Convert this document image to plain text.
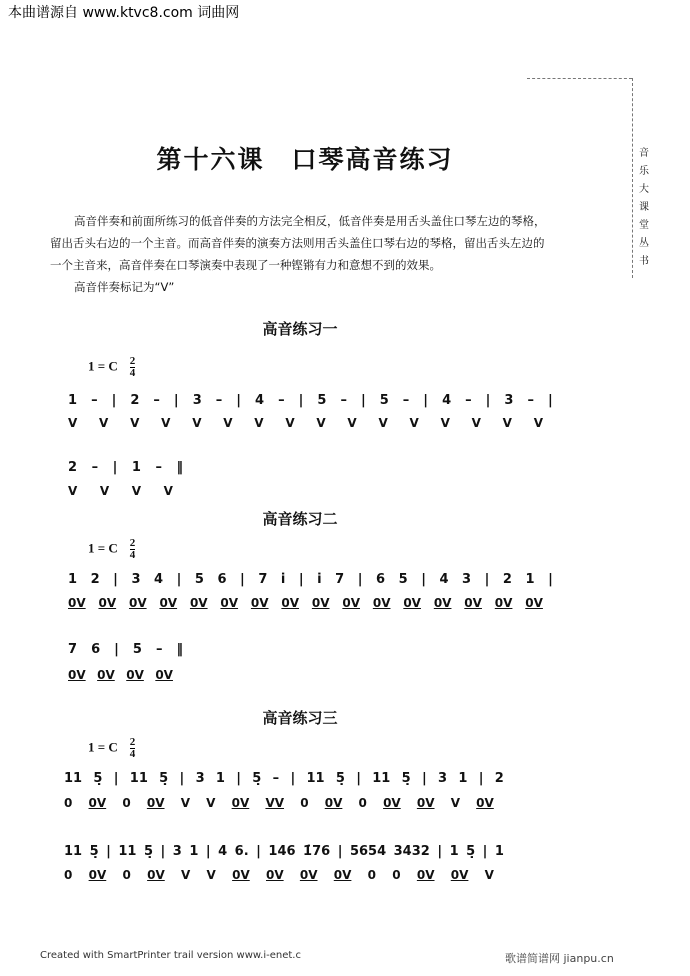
本曲谱源自 www.ktvc8.com 词曲网
音
乐
大
课
堂
丛
书
第十六课　口琴高音练习

高音伴奏和前面所练习的低音伴奏的方法完全相反，低音伴奏是用舌头盖住口琴左边的琴格，留出舌头右边的一个主音。而高音伴奏的演奏方法则用舌头盖住口琴右边的琴格，留出舌头左边的一个主音来，高音伴奏在口琴演奏中表现了一种铿锵有力和意想不到的效果。

高音伴奏标记为“V”

高音练习一
1 = C $\frac{2}{4}$
1 – | 2 – | 3 – | 4 – | 5 – | 5 – | 4 – | 3 – |
V V V V V V V V V V V V V V V V
2 – | 1 – ‖
V V V V
高音练习二
1 = C $\frac{2}{4}$
1 2 | 3 4 | 5 6 | 7 i̇ | i̇ 7 | 6 5 | 4 3 | 2 1 |
0V 0V 0V 0V 0V 0V 0V 0V 0V 0V 0V 0V 0V 0V 0V 0V
7 6 | 5 – ‖
0V 0V 0V 0V
高音练习三
1 = C $\frac{2}{4}$
11 5̣ | 11 5̣ | 3 1 | 5̣ – | 11 5̣ | 11 5̣ | 3 1 | 2
0 0V 0 0V V V 0V VV 0 0V 0 0V 0V V 0V
11 5̣ | 11 5̣ | 3 1 | 4 6. | 146 1̇76 | 5654 3432 | 1 5̣ | 1
0 0V 0 0V V V 0V 0V 0V 0V 0 0 0V 0V V
Created with SmartPrinter trail version www.i-enet.c	歌谱简谱网 jianpu.cn
